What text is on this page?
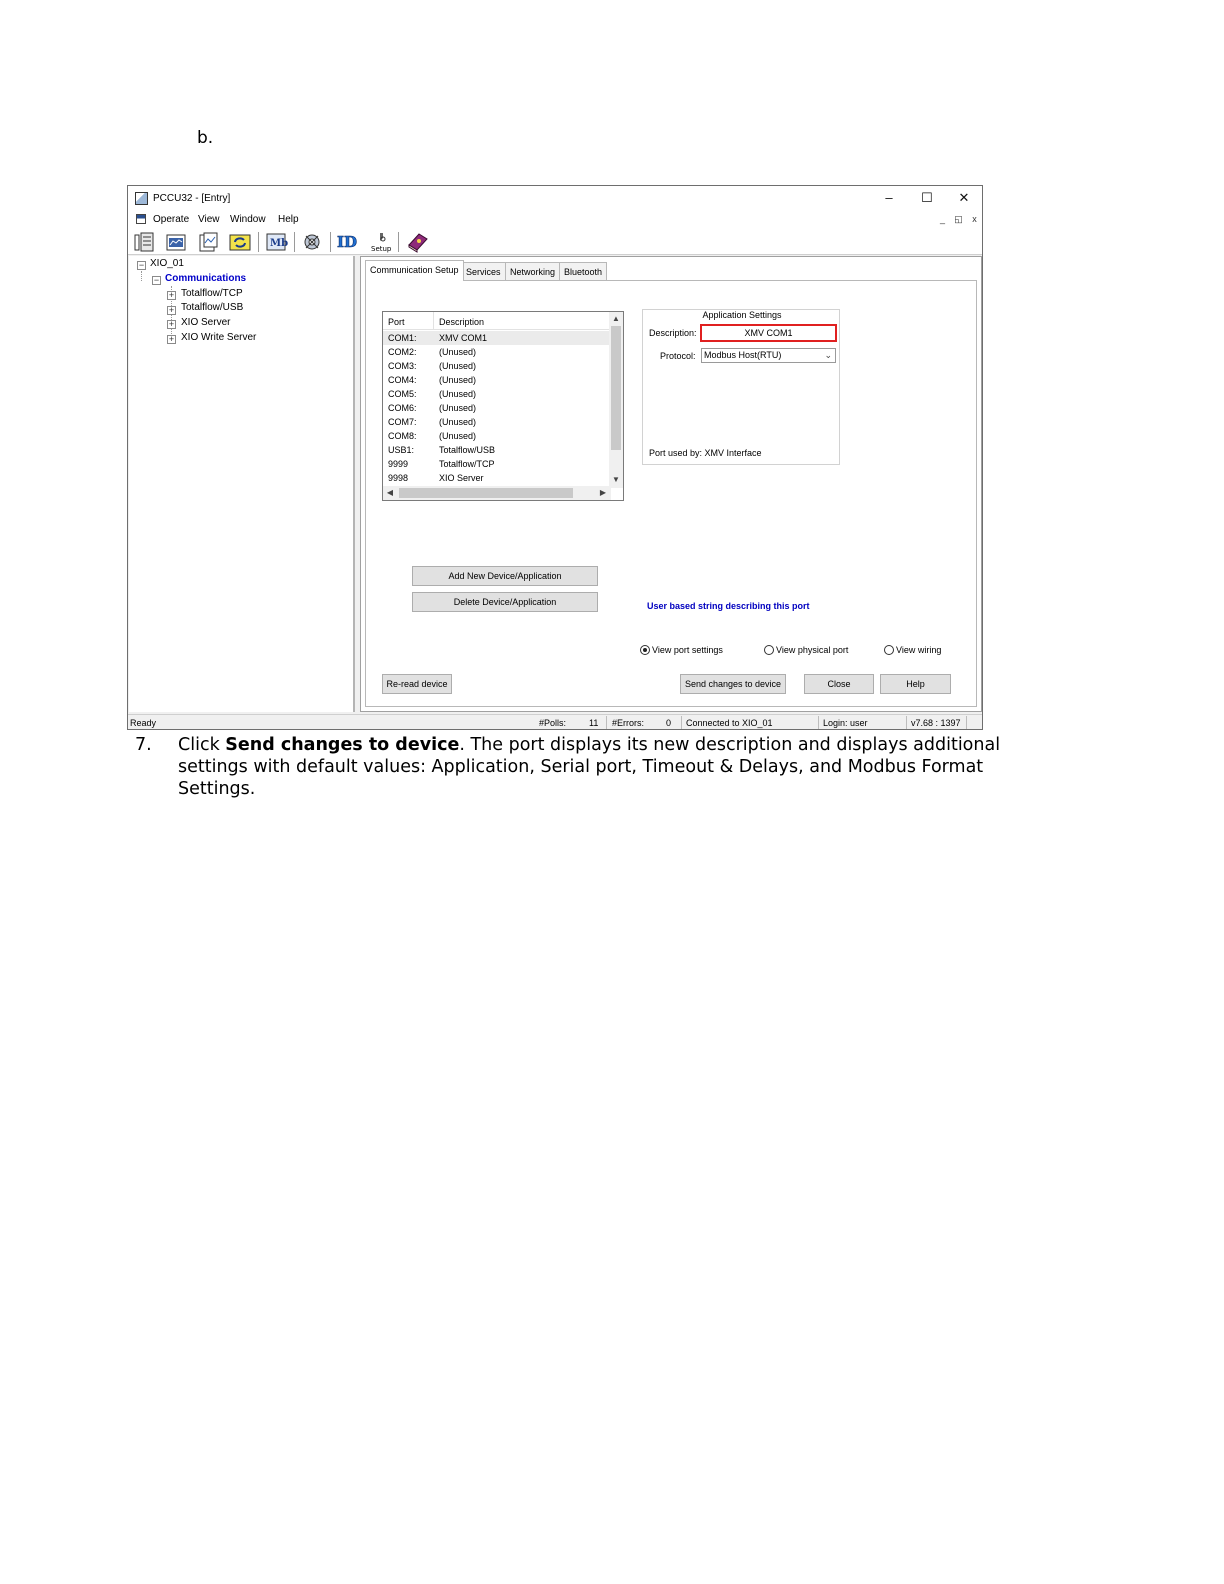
b.
PCCU32 - [Entry]	–	☐	✕
Operate View Window Help	_	◱	x
Mb	ID Setup
− XIO_01
− Communications
+ Totalflow/TCP
+ Totalflow/USB
+ XIO Server
+ XIO Write Server
Communication Setup Services	Networking Bluetooth
Port	Description
COM1: XMV COM1
COM2: (Unused)
COM3: (Unused)
COM4: (Unused)
COM5: (Unused)
COM6: (Unused)
COM7: (Unused)
COM8: (Unused)
USB1:	Totalflow/USB
9999	Totalflow/TCP
9998	XIO Server
▲
▼
◀	▶
Application Settings
Description:	XMV COM1
Protocol: Modbus Host(RTU)	⌄
Port used by: XMV Interface
Add New Device/Application
Delete Device/Application	User based string describing this port
View port settings	View physical port	View wiring
Re-read device	Send changes to device	Close	Help
Ready	#Polls:	11 #Errors: 0 Connected to XIO_01	Login: user	v7.68 : 1397
7. Click Send changes to device. The port displays its new description and displays additional settings with default values: Application, Serial port, Timeout & Delays, and Modbus Format Settings.
